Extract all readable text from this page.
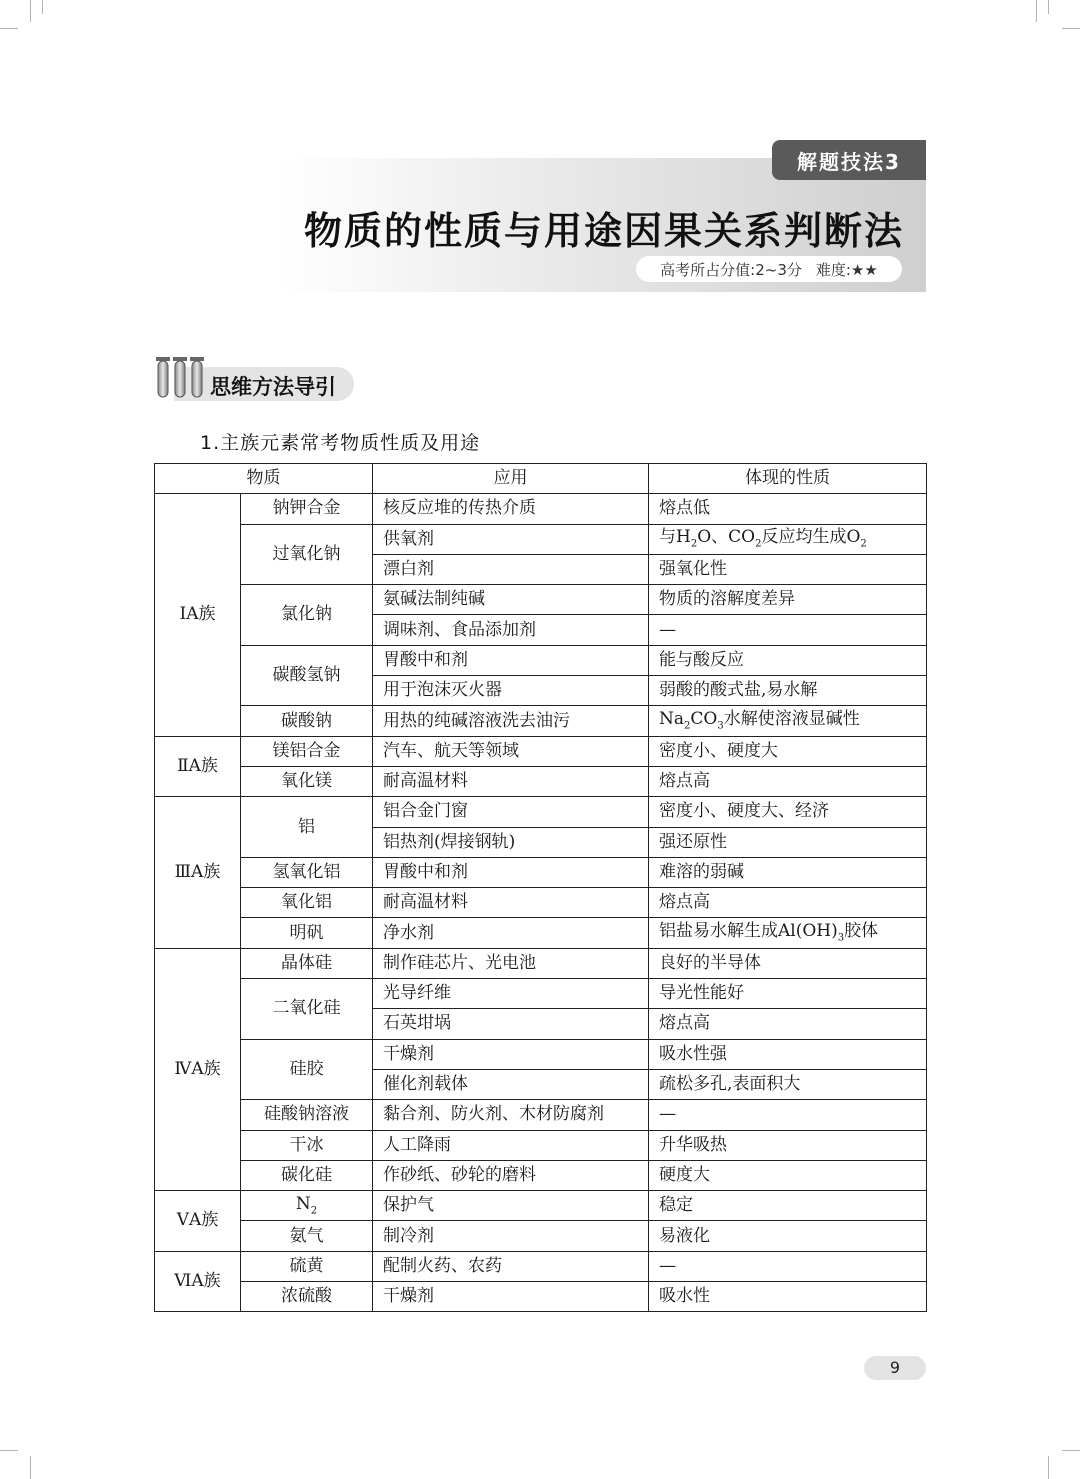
解题技法3
物质的性质与用途因果关系判断法
高考所占分值:2~3分 难度:★★
思维方法导引
1.主族元素常考物质性质及用途
物质		应用	体现的性质
ⅠA族	钠钾合金	核反应堆的传热介质	熔点低
	过氧化钠	供氧剂	与$H_2O$、$CO_2$反应均生成$O_2$
		漂白剂	强氧化性
	氯化钠	氨碱法制纯碱	物质的溶解度差异
		调味剂、食品添加剂	—
	碳酸氢钠	胃酸中和剂	能与酸反应
		用于泡沫灭火器	弱酸的酸式盐,易水解
	碳酸钠	用热的纯碱溶液洗去油污	$Na_2CO_3$水解使溶液显碱性
ⅡA族	镁铝合金	汽车、航天等领域	密度小、硬度大
	氧化镁	耐高温材料	熔点高
ⅢA族	铝	铝合金门窗	密度小、硬度大、经济
		铝热剂(焊接钢轨)	强还原性
	氢氧化铝	胃酸中和剂	难溶的弱碱
	氧化铝	耐高温材料	熔点高
	明矾	净水剂	铝盐易水解生成$Al(OH)_3$胶体
ⅣA族	晶体硅	制作硅芯片、光电池	良好的半导体
	二氧化硅	光导纤维	导光性能好
		石英坩埚	熔点高
	硅胶	干燥剂	吸水性强
		催化剂载体	疏松多孔,表面积大
	硅酸钠溶液	黏合剂、防火剂、木材防腐剂	—
	干冰	人工降雨	升华吸热
	碳化硅	作砂纸、砂轮的磨料	硬度大
ⅤA族	$N_2$	保护气	稳定
	氨气	制冷剂	易液化
ⅥA族	硫黄	配制火药、农药	—
	浓硫酸	干燥剂	吸水性
9
